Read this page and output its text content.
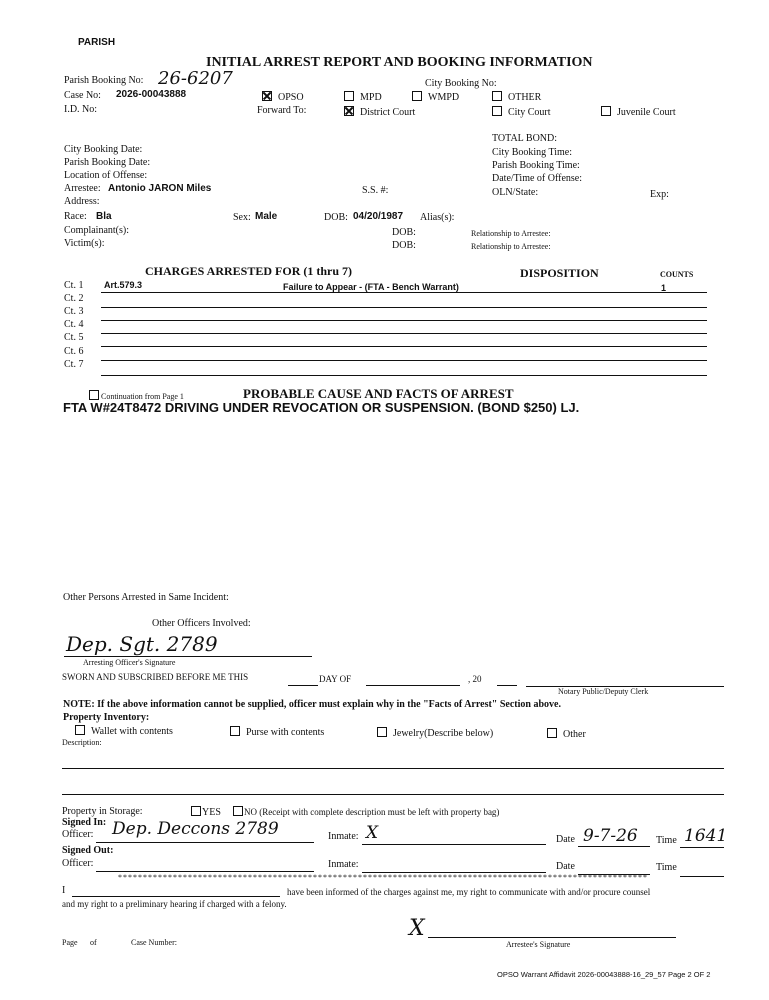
PARISH
INITIAL ARREST REPORT AND BOOKING INFORMATION
Parish Booking No: 26-6207	City Booking No:
Case No: 2026-00043888
I.D. No:
OPSO	MPD	WMPD	OTHER
Forward To:	District Court	City Court	Juvenile Court
TOTAL BOND:
City Booking Time:
Parish Booking Time:
Date/Time of Offense:
OLN/State:	Exp:
City Booking Date:
Parish Booking Date:
Location of Offense:
Arrestee: Antonio JARON Miles	S.S. #:
Address:
Race: Bla	Sex: Male	DOB: 04/20/1987 Alias(s):
Complainant(s):	DOB:	Relationship to Arrestee:
Victim(s):	DOB:	Relationship to Arrestee:
CHARGES ARRESTED FOR (1 thru 7)	DISPOSITION	COUNTS
Ct. 1 Art.579.3	Failure to Appear - (FTA - Bench Warrant)	1
Ct. 2
Ct. 3
Ct. 4
Ct. 5
Ct. 6
Ct. 7
Continuation from Page 1	PROBABLE CAUSE AND FACTS OF ARREST
FTA W#24T8472 DRIVING UNDER REVOCATION OR SUSPENSION. (BOND $250) LJ.
Other Persons Arrested in Same Incident:
Other Officers Involved:
Dep. Sgt. 2789
Arresting Officer's Signature
SWORN AND SUBSCRIBED BEFORE ME THIS	DAY OF	, 20
Notary Public/Deputy Clerk
NOTE: If the above information cannot be supplied, officer must explain why in the "Facts of Arrest" Section above.
Property Inventory:
Wallet with contents	Purse with contents	Jewelry(Describe below)	Other
Description:
Property in Storage:	YES	NO (Receipt with complete description must be left with property bag)
Signed In:
Officer: Dep. Deccons 2789	Inmate: X	Date 9-7-26 Time 1641
Signed Out:
Officer:	Inmate:	Date	Time
**********************************************************************************************************
I	have been informed of the charges against me, my right to communicate with and/or procure counsel
and my right to a preliminary hearing if charged with a felony.
X
Arrestee's Signature
Page of	Case Number:
OPSO Warrant Affidavit 2026-00043888-16_29_57 Page 2 OF 2
